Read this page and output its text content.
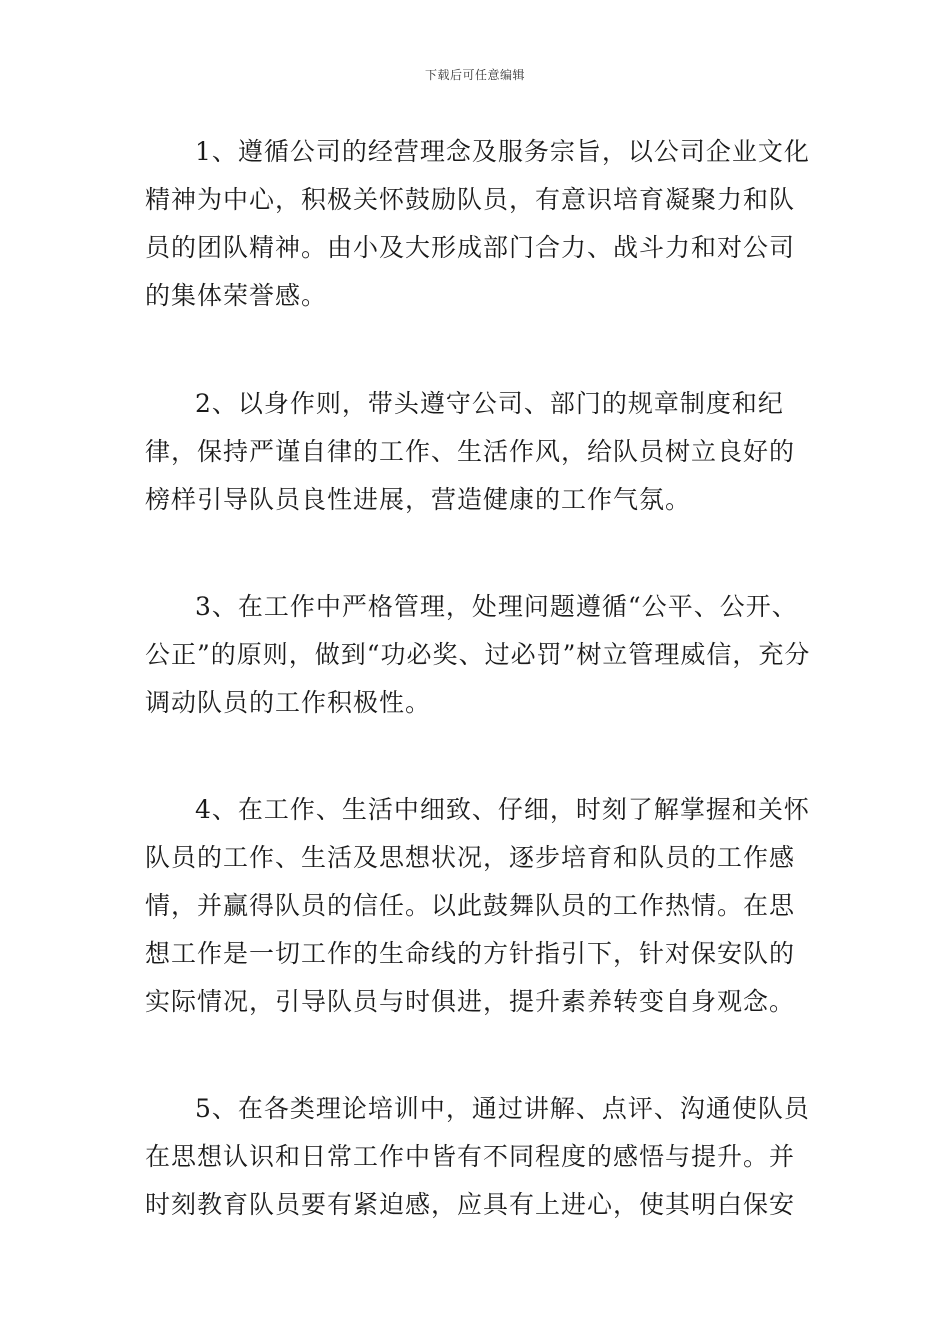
下载后可任意编辑

1、遵循公司的经营理念及服务宗旨，以公司企业文化精神为中心，积极关怀鼓励队员，有意识培育凝聚力和队员的团队精神。由小及大形成部门合力、战斗力和对公司的集体荣誉感。

2、以身作则，带头遵守公司、部门的规章制度和纪律，保持严谨自律的工作、生活作风，给队员树立良好的榜样引导队员良性进展，营造健康的工作气氛。

3、在工作中严格管理，处理问题遵循“公平、公开、公正”的原则，做到“功必奖、过必罚”树立管理威信，充分调动队员的工作积极性。

4、在工作、生活中细致、仔细，时刻了解掌握和关怀队员的工作、生活及思想状况，逐步培育和队员的工作感情，并赢得队员的信任。以此鼓舞队员的工作热情。在思想工作是一切工作的生命线的方针指引下，针对保安队的实际情况，引导队员与时俱进，提升素养转变自身观念。

5、在各类理论培训中，通过讲解、点评、沟通使队员在思想认识和日常工作中皆有不同程度的感悟与提升。并时刻教育队员要有紧迫感，应具有上进心，使其明白保安
